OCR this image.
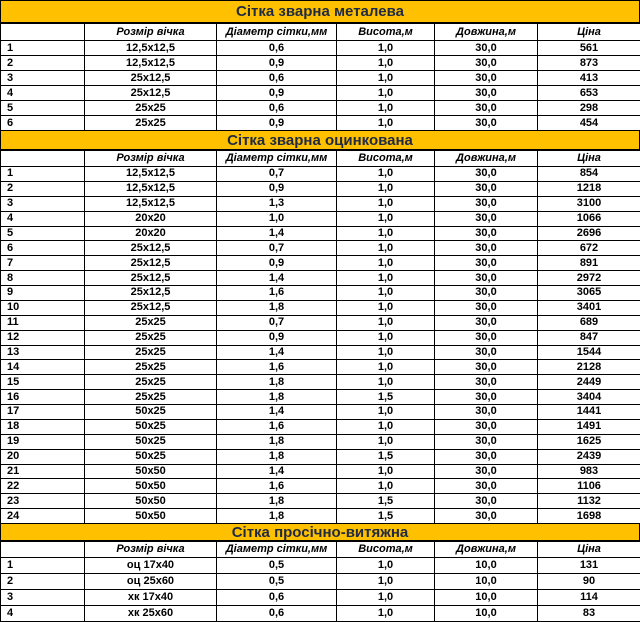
Сітка зварна металева
	Розмір вічка	Діаметр сітки,мм	Висота,м	Довжина,м	Ціна
1	12,5x12,5	0,6	1,0	30,0	561
2	12,5x12,5	0,9	1,0	30,0	873
3	25x12,5	0,6	1,0	30,0	413
4	25x12,5	0,9	1,0	30,0	653
5	25x25	0,6	1,0	30,0	298
6	25x25	0,9	1,0	30,0	454
Сітка зварна оцинкована
	Розмір вічка	Діаметр сітки,мм	Висота,м	Довжина,м	Ціна
1	12,5x12,5	0,7	1,0	30,0	854
2	12,5x12,5	0,9	1,0	30,0	1218
3	12,5x12,5	1,3	1,0	30,0	3100
4	20x20	1,0	1,0	30,0	1066
5	20x20	1,4	1,0	30,0	2696
6	25x12,5	0,7	1,0	30,0	672
7	25x12,5	0,9	1,0	30,0	891
8	25x12,5	1,4	1,0	30,0	2972
9	25x12,5	1,6	1,0	30,0	3065
10	25x12,5	1,8	1,0	30,0	3401
11	25x25	0,7	1,0	30,0	689
12	25x25	0,9	1,0	30,0	847
13	25x25	1,4	1,0	30,0	1544
14	25x25	1,6	1,0	30,0	2128
15	25x25	1,8	1,0	30,0	2449
16	25x25	1,8	1,5	30,0	3404
17	50x25	1,4	1,0	30,0	1441
18	50x25	1,6	1,0	30,0	1491
19	50x25	1,8	1,0	30,0	1625
20	50x25	1,8	1,5	30,0	2439
21	50x50	1,4	1,0	30,0	983
22	50x50	1,6	1,0	30,0	1106
23	50x50	1,8	1,5	30,0	1132
24	50x50	1,8	1,5	30,0	1698
Сітка просічно-витяжна
	Розмір вічка	Діаметр сітки,мм	Висота,м	Довжина,м	Ціна
1	оц 17x40	0,5	1,0	10,0	131
2	оц 25x60	0,5	1,0	10,0	90
3	хк 17x40	0,6	1,0	10,0	114
4	хк 25x60	0,6	1,0	10,0	83
